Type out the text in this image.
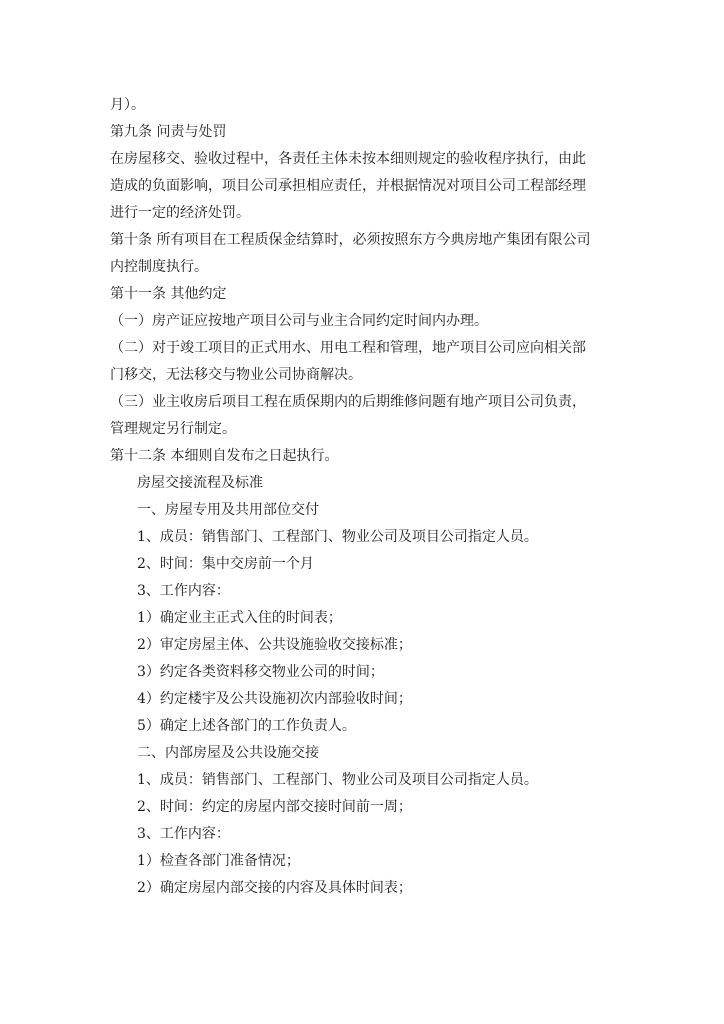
月）。
第九条 问责与处罚
在房屋移交、验收过程中，各责任主体未按本细则规定的验收程序执行，由此
造成的负面影响，项目公司承担相应责任，并根据情况对项目公司工程部经理
进行一定的经济处罚。
第十条 所有项目在工程质保金结算时，必须按照东方今典房地产集团有限公司
内控制度执行。
第十一条 其他约定
（一）房产证应按地产项目公司与业主合同约定时间内办理。
（二）对于竣工项目的正式用水、用电工程和管理，地产项目公司应向相关部
门移交，无法移交与物业公司协商解决。
（三）业主收房后项目工程在质保期内的后期维修问题有地产项目公司负责，
管理规定另行制定。
第十二条 本细则自发布之日起执行。
房屋交接流程及标准
一、房屋专用及共用部位交付
1、成员：销售部门、工程部门、物业公司及项目公司指定人员。
2、时间：集中交房前一个月
3、工作内容：
1）确定业主正式入住的时间表；
2）审定房屋主体、公共设施验收交接标准；
3）约定各类资料移交物业公司的时间；
4）约定楼宇及公共设施初次内部验收时间；
5）确定上述各部门的工作负责人。
二、内部房屋及公共设施交接
1、成员：销售部门、工程部门、物业公司及项目公司指定人员。
2、时间：约定的房屋内部交接时间前一周；
3、工作内容：
1）检查各部门准备情况；
2）确定房屋内部交接的内容及具体时间表；
